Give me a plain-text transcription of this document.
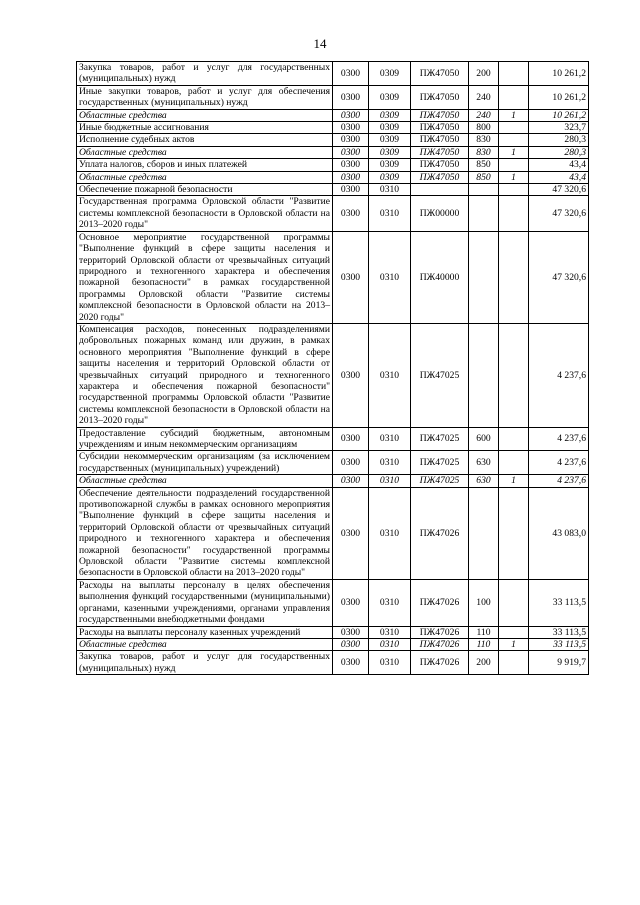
14
Закупка товаров, работ и услуг для государственных (муниципальных) нужд	0300	0309	ПЖ47050	200		10 261,2
Иные закупки товаров, работ и услуг для обеспечения государственных (муниципальных) нужд	0300	0309	ПЖ47050	240		10 261,2
Областные средства	0300	0309	ПЖ47050	240	1	10 261,2
Иные бюджетные ассигнования	0300	0309	ПЖ47050	800		323,7
Исполнение судебных актов	0300	0309	ПЖ47050	830		280,3
Областные средства	0300	0309	ПЖ47050	830	1	280,3
Уплата налогов, сборов и иных платежей	0300	0309	ПЖ47050	850		43,4
Областные средства	0300	0309	ПЖ47050	850	1	43,4
Обеспечение пожарной безопасности	0300	0310				47 320,6
Государственная программа Орловской области "Развитие системы комплексной безопасности в Орловской области на 2013–2020 годы"	0300	0310	ПЖ00000			47 320,6
Основное мероприятие государственной программы "Выполнение функций в сфере защиты населения и территорий Орловской области от чрезвычайных ситуаций природного и техногенного характера и обеспечения пожарной безопасности" в рамках государственной программы Орловской области "Развитие системы комплексной безопасности в Орловской области на 2013–2020 годы"	0300	0310	ПЖ40000			47 320,6
Компенсация расходов, понесенных подразделениями добровольных пожарных команд или дружин, в рамках основного мероприятия "Выполнение функций в сфере защиты населения и территорий Орловской области от чрезвычайных ситуаций природного и техногенного характера и обеспечения пожарной безопасности" государственной программы Орловской области "Развитие системы комплексной безопасности в Орловской области на 2013–2020 годы"	0300	0310	ПЖ47025			4 237,6
Предоставление субсидий бюджетным, автономным учреждениям и иным некоммерческим организациям	0300	0310	ПЖ47025	600		4 237,6
Субсидии некоммерческим организациям (за исключением государственных (муниципальных) учреждений)	0300	0310	ПЖ47025	630		4 237,6
Областные средства	0300	0310	ПЖ47025	630	1	4 237,6
Обеспечение деятельности подразделений государственной противопожарной службы в рамках основного мероприятия "Выполнение функций в сфере защиты населения и территорий Орловской области от чрезвычайных ситуаций природного и техногенного характера и обеспечения пожарной безопасности" государственной программы Орловской области "Развитие системы комплексной безопасности в Орловской области на 2013–2020 годы"	0300	0310	ПЖ47026			43 083,0
Расходы на выплаты персоналу в целях обеспечения выполнения функций государственными (муниципальными) органами, казенными учреждениями, органами управления государственными внебюджетными фондами	0300	0310	ПЖ47026	100		33 113,5
Расходы на выплаты персоналу казенных учреждений	0300	0310	ПЖ47026	110		33 113,5
Областные средства	0300	0310	ПЖ47026	110	1	33 113,5
Закупка товаров, работ и услуг для государственных (муниципальных) нужд	0300	0310	ПЖ47026	200		9 919,7
